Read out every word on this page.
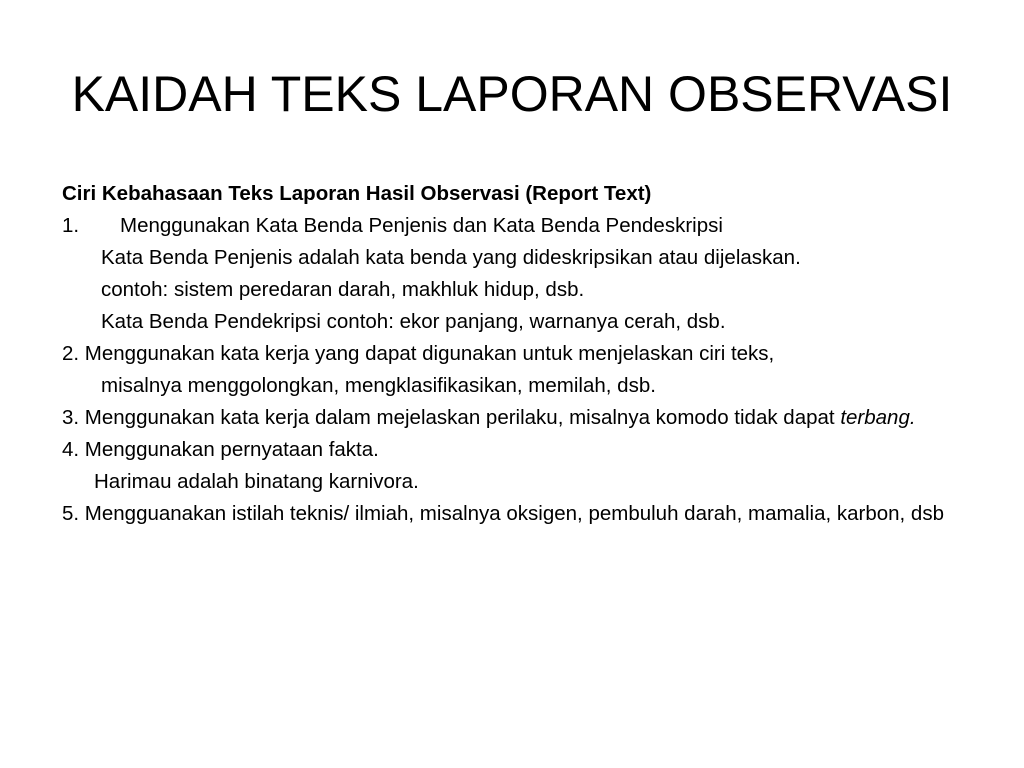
KAIDAH TEKS LAPORAN OBSERVASI
Ciri Kebahasaan Teks Laporan Hasil Observasi (Report Text)
1. Menggunakan Kata Benda Penjenis dan Kata Benda Pendeskripsi
Kata Benda Penjenis adalah kata benda yang dideskripsikan atau dijelaskan.
contoh: sistem peredaran darah, makhluk hidup, dsb.
Kata Benda Pendekripsi contoh: ekor panjang, warnanya cerah, dsb.
2. Menggunakan kata kerja yang dapat digunakan untuk menjelaskan ciri teks,
misalnya menggolongkan, mengklasifikasikan, memilah, dsb.
3. Menggunakan kata kerja dalam mejelaskan perilaku, misalnya komodo tidak dapat terbang.
4. Menggunakan pernyataan fakta.
Harimau adalah binatang karnivora.
5. Mengguanakan istilah teknis/ ilmiah, misalnya oksigen, pembuluh darah, mamalia, karbon, dsb
